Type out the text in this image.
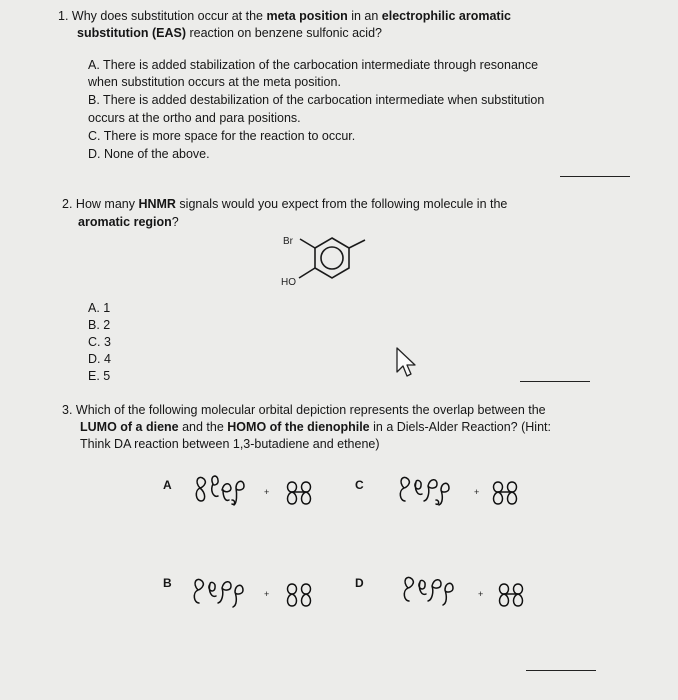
1. Why does substitution occur at the meta position in an electrophilic aromatic
substitution (EAS) reaction on benzene sulfonic acid?
A. There is added stabilization of the carbocation intermediate through resonance
when substitution occurs at the meta position.
B. There is added destabilization of the carbocation intermediate when substitution
occurs at the ortho and para positions.
C. There is more space for the reaction to occur.
D. None of the above.
2. How many HNMR signals would you expect from the following molecule in the
aromatic region?
Br
HO
A. 1
B. 2
C. 3
D. 4
E. 5
3. Which of the following molecular orbital depiction represents the overlap between the
LUMO of a diene and the HOMO of the dienophile in a Diels-Alder Reaction? (Hint:
Think DA reaction between 1,3-butadiene and ethene)
A	C
B	D
+	+
+	+
